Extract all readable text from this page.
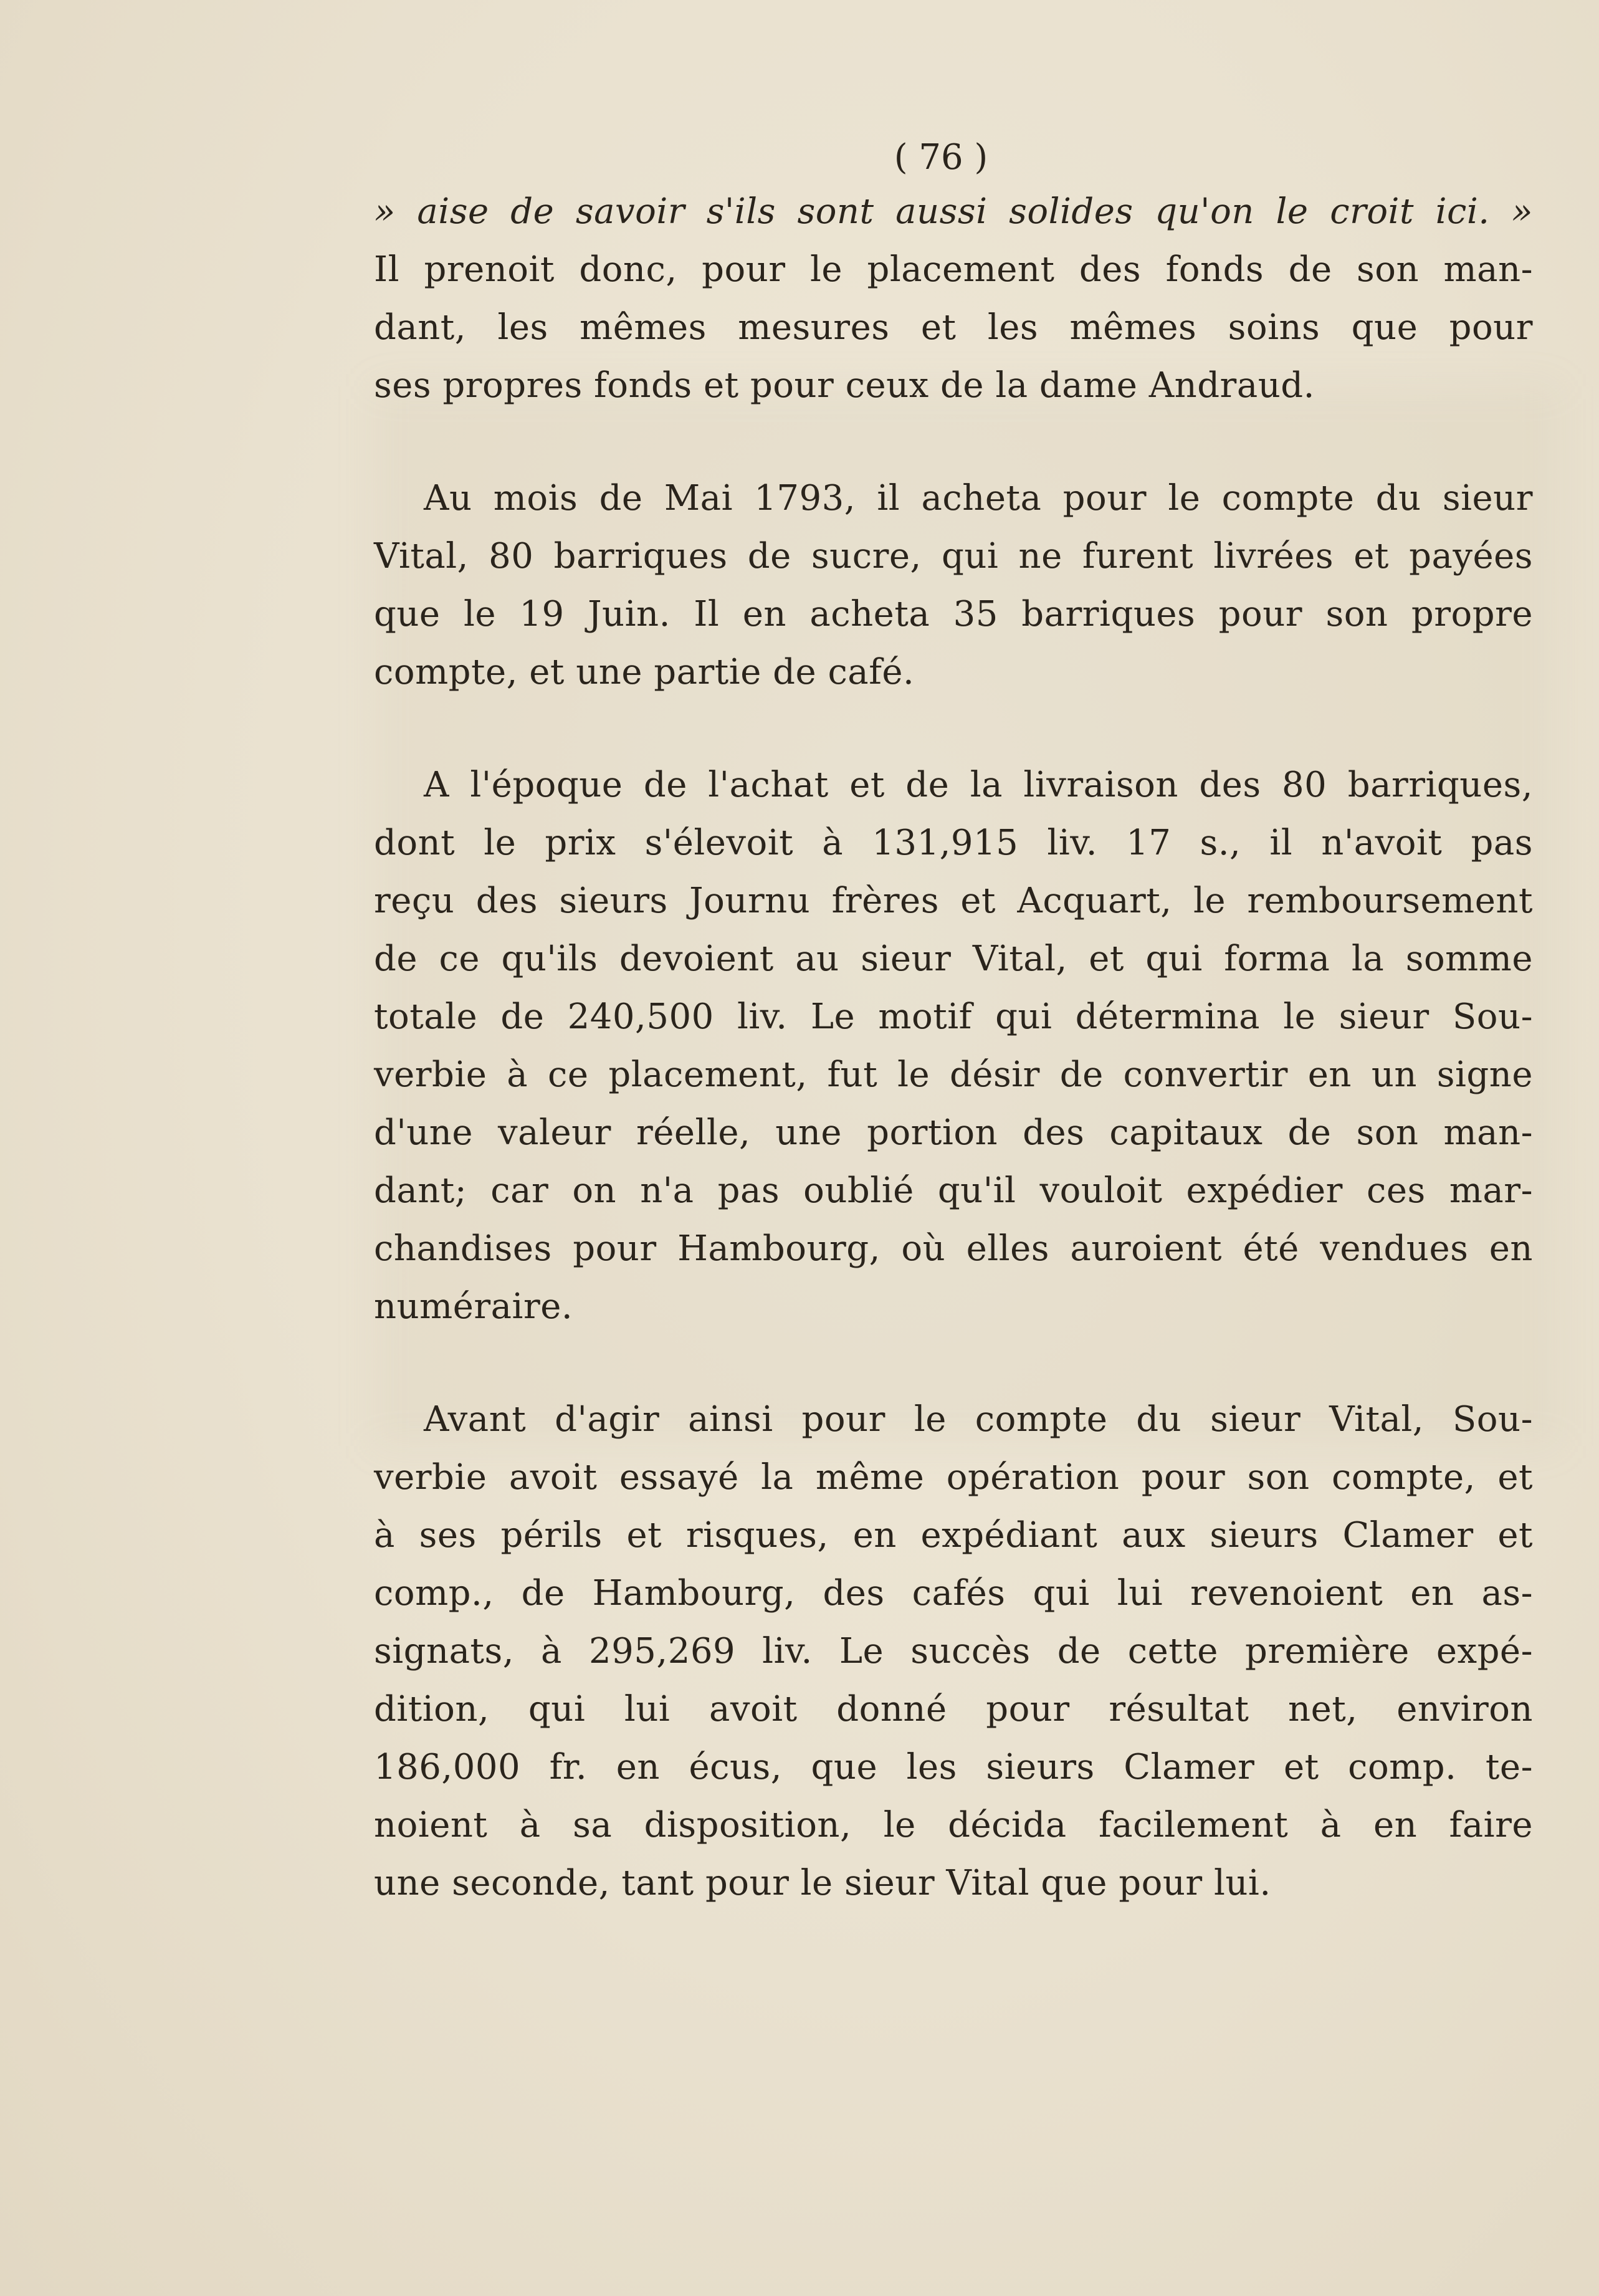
( 76 )
» aise de savoir s'ils sont aussi solides qu'on le croit ici. »
Il prenoit donc, pour le placement des fonds de son man-
dant, les mêmes mesures et les mêmes soins que pour
ses propres fonds et pour ceux de la dame Andraud.
Au mois de Mai 1793, il acheta pour le compte du sieur
Vital, 80 barriques de sucre, qui ne furent livrées et payées
que le 19 Juin. Il en acheta 35 barriques pour son propre
compte, et une partie de café.
A l'époque de l'achat et de la livraison des 80 barriques,
dont le prix s'élevoit à 131,915 liv. 17 s., il n'avoit pas
reçu des sieurs Journu frères et Acquart, le remboursement
de ce qu'ils devoient au sieur Vital, et qui forma la somme
totale de 240,500 liv. Le motif qui détermina le sieur Sou-
verbie à ce placement, fut le désir de convertir en un signe
d'une valeur réelle, une portion des capitaux de son man-
dant; car on n'a pas oublié qu'il vouloit expédier ces mar-
chandises pour Hambourg, où elles auroient été vendues en
numéraire.
Avant d'agir ainsi pour le compte du sieur Vital, Sou-
verbie avoit essayé la même opération pour son compte, et
à ses périls et risques, en expédiant aux sieurs Clamer et
comp., de Hambourg, des cafés qui lui revenoient en as-
signats, à 295,269 liv. Le succès de cette première expé-
dition, qui lui avoit donné pour résultat net, environ
186,000 fr. en écus, que les sieurs Clamer et comp. te-
noient à sa disposition, le décida facilement à en faire
une seconde, tant pour le sieur Vital que pour lui.
